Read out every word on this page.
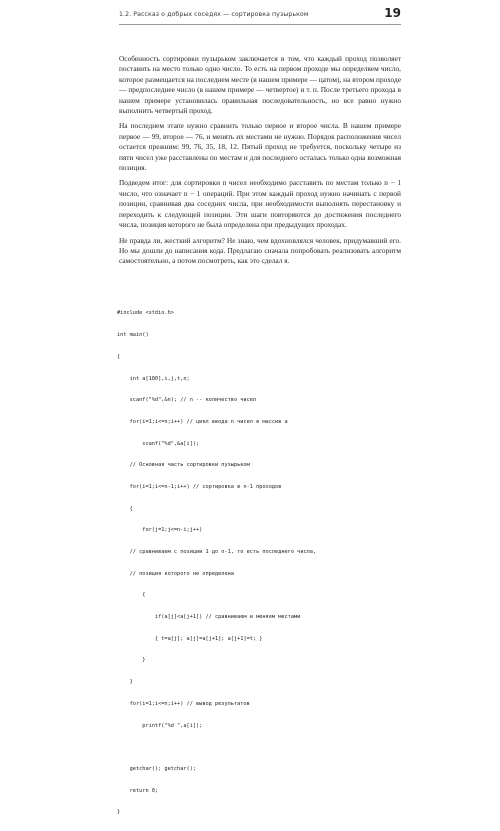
1.2. Рассказ о добрых соседях — сортировка пузырьком	19

Особенность сортировки пузырьком заключается в том, что каждый проход позволяет поставить на место только одно число. То есть на первом проходе мы определяем число, которое размещается на последнем месте (в нашем примере — цатом), на втором проходе — предпоследнее число (в нашем примере — четвертое) и т. п. После третьего прохода в нашем примере установилась правильная последовательность, но все равно нужно выполнить четвертый проход.

На последнем этапе нужно сравнить только первое и второе числа. В нашем примере первое — 99, второе — 76, и менять их местами не нужно. Порядок расположения чисел остается прежним: 99, 76, 35, 18, 12. Пятый проход не требуется, поскольку четыре из пяти чисел уже расставлены по местам и для последнего осталась только одна возможная позиция.

Подведем итог: для сортировки n чисел необходимо расставить по местам только n − 1 число, что означает n − 1 операций. При этом каждый проход нужно начинать с первой позиции, сравнивая два соседних числа, при необходимости выполнять перестановку и переходить к следующей позиции. Эти шаги повторяются до достижения последнего числа, позиция которого не была определена при предыдущих проходах.

Не правда ли, жесткий алгоритм? Не знаю, чем вдохновлялся человек, придумавший его. Но мы дошли до написания кода. Предлагаю сначала попробовать реализовать алгоритм самостоятельно, а потом посмотреть, как это сделал я.

#include <stdio.h>

int main()

{

int a[100],i,j,t,n;

scanf("%d",&n); // n -- количество чисел

for(i=1;i<=n;i++) // цикл ввода n чисел в массив a

scanf("%d",&a[i]);

// Основная часть сортировки пузырьком

for(i=1;i<=n-1;i++) // сортировка в n-1 проходов

{

for(j=1;j<=n-i;j++)

// сравниваем с позиции 1 до n-1, то есть последнего числа,

// позиция которого не определена

{

if(a[j]<a[j+1]) // сравниваем и меняем местами

{ t=a[j]; a[j]=a[j+1]; a[j+1]=t; }

}

}

for(i=1;i<=n;i++) // вывод результатов

printf("%d ",a[i]);

getchar(); getchar();

return 0;

}
